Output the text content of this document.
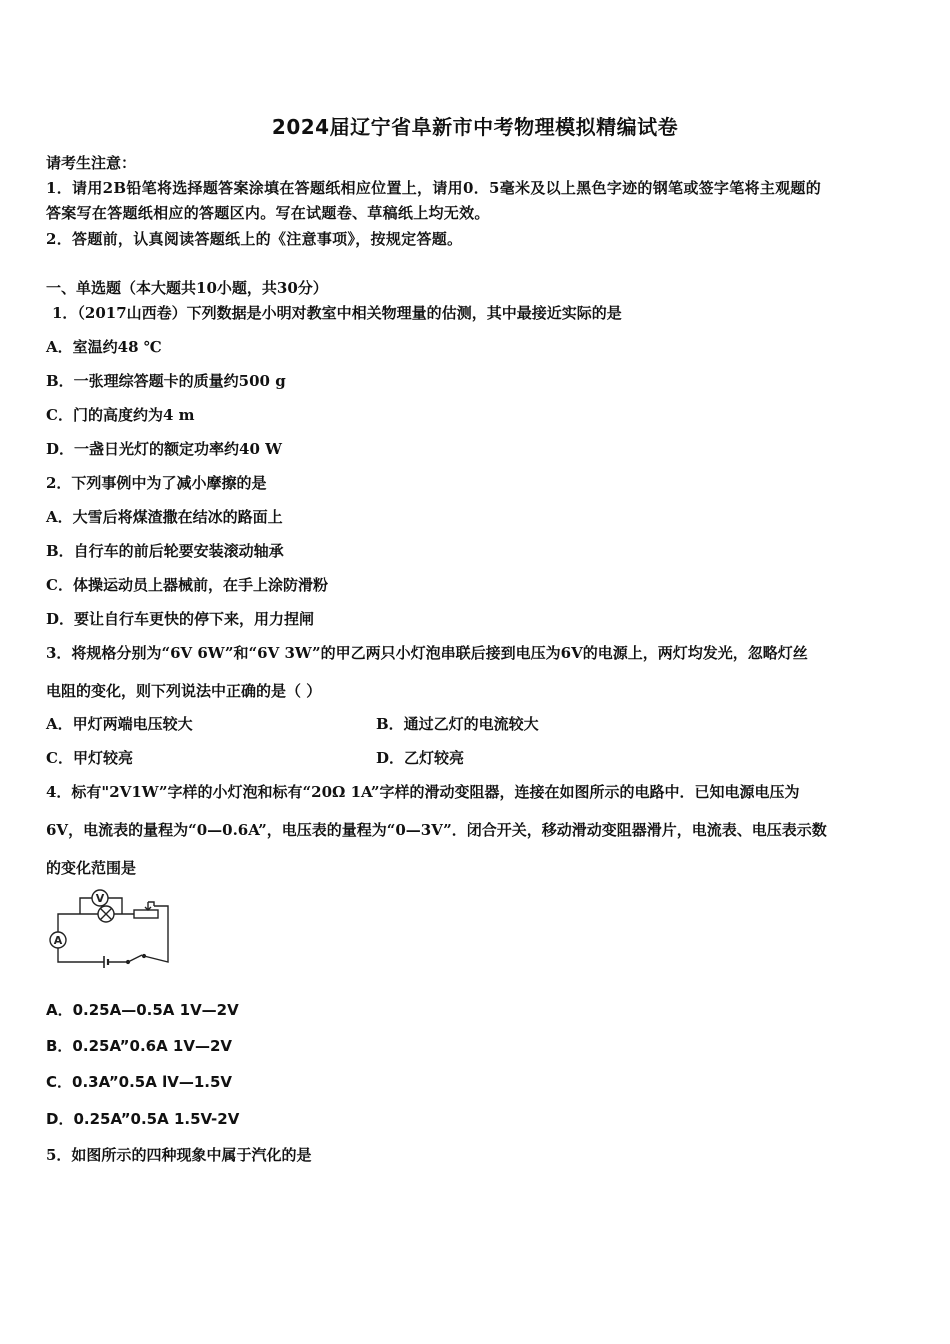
2024届辽宁省阜新市中考物理模拟精编试卷
请考生注意：
1．请用2B铅笔将选择题答案涂填在答题纸相应位置上，请用0．5毫米及以上黑色字迹的钢笔或签字笔将主观题的
答案写在答题纸相应的答题区内。写在试题卷、草稿纸上均无效。
2．答题前，认真阅读答题纸上的《注意事项》，按规定答题。
一、单选题（本大题共10小题，共30分）
1．（2017山西卷）下列数据是小明对教室中相关物理量的估测，其中最接近实际的是
A．室温约48 ℃
B．一张理综答题卡的质量约500 g
C．门的高度约为4 m
D．一盏日光灯的额定功率约40 W
2．下列事例中为了减小摩擦的是
A．大雪后将煤渣撒在结冰的路面上
B．自行车的前后轮要安装滚动轴承
C．体操运动员上器械前，在手上涂防滑粉
D．要让自行车更快的停下来，用力捏闸
3．将规格分别为“6V 6W”和“6V 3W”的甲乙两只小灯泡串联后接到电压为6V的电源上，两灯均发光，忽略灯丝
电阻的变化，则下列说法中正确的是（ ）
A．甲灯两端电压较大	B．通过乙灯的电流较大
C．甲灯较亮	D．乙灯较亮
4．标有"2V1W”字样的小灯泡和标有“20Ω 1A”字样的滑动变阻器，连接在如图所示的电路中．已知电源电压为
6V，电流表的量程为“0—0.6A”，电压表的量程为“0—3V”．闭合开关，移动滑动变阻器滑片，电流表、电压表示数
的变化范围是
V
A
A．0.25A—0.5A 1V—2V
B．0.25A”0.6A 1V—2V
C．0.3A”0.5A lV—1.5V
D．0.25A”0.5A 1.5V-2V
5．如图所示的四种现象中属于汽化的是
